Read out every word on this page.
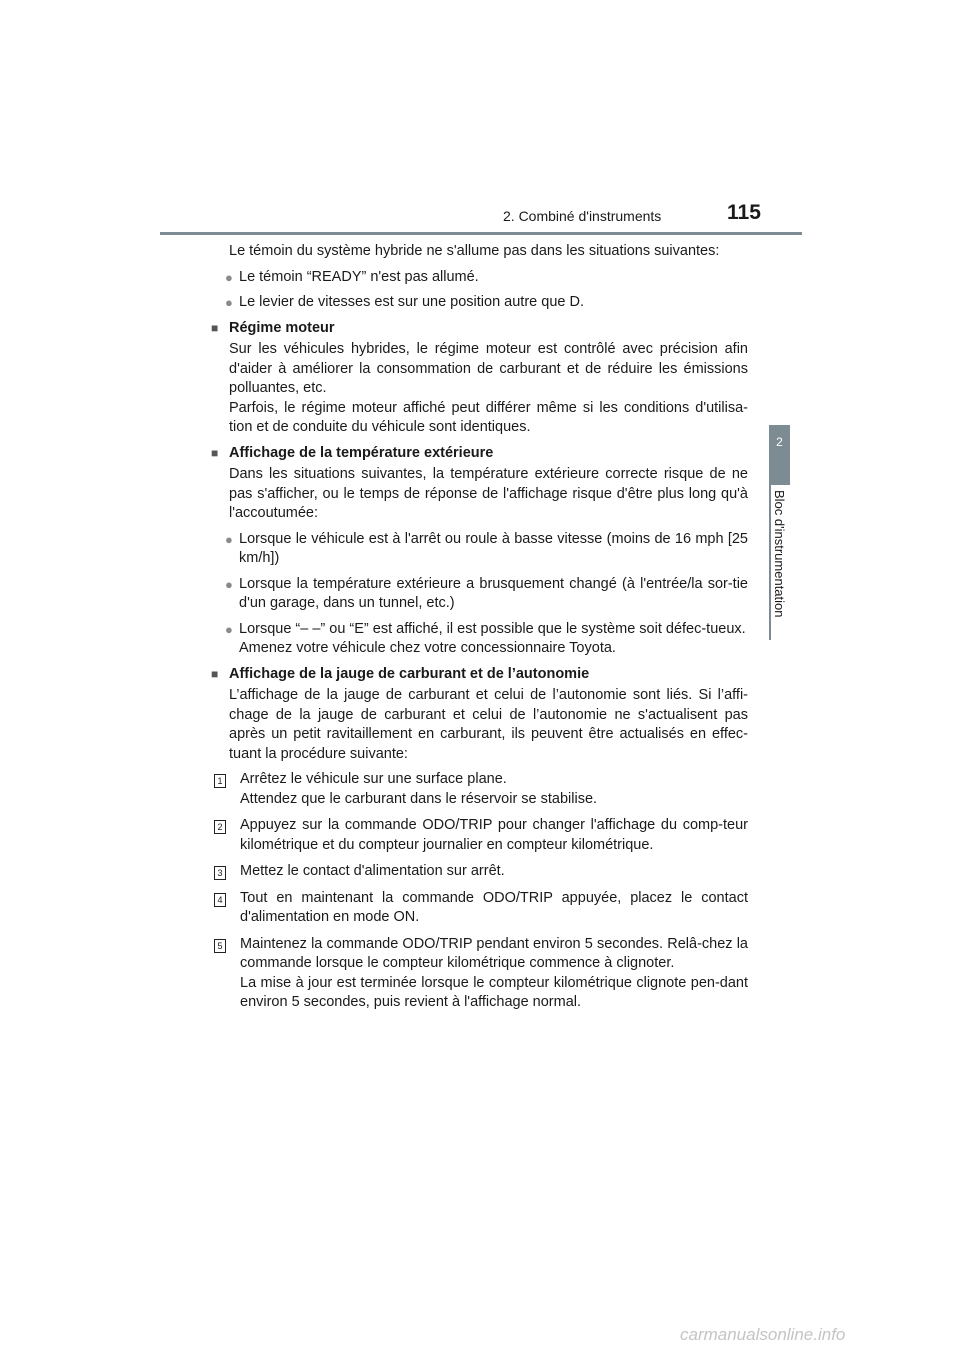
2. Combiné d'instruments	115
2
Bloc d'instrumentation

Le témoin du système hybride ne s'allume pas dans les situations suivantes:

● Le témoin “READY” n'est pas allumé.
● Le levier de vitesses est sur une position autre que D.
■ Régime moteur

Sur les véhicules hybrides, le régime moteur est contrôlé avec précision afin d'aider à améliorer la consommation de carburant et de réduire les émissions polluantes, etc.

Parfois, le régime moteur affiché peut différer même si les conditions d'utilisa-tion et de conduite du véhicule sont identiques.

■ Affichage de la température extérieure

Dans les situations suivantes, la température extérieure correcte risque de ne pas s'afficher, ou le temps de réponse de l'affichage risque d'être plus long qu'à l'accoutumée:

● Lorsque le véhicule est à l'arrêt ou roule à basse vitesse (moins de 16 mph [25 km/h])
● Lorsque la température extérieure a brusquement changé (à l'entrée/la sor-tie d'un garage, dans un tunnel, etc.)
● Lorsque “– –” ou “E” est affiché, il est possible que le système soit défec-tueux.

Amenez votre véhicule chez votre concessionnaire Toyota.

■ Affichage de la jauge de carburant et de l’autonomie

L’affichage de la jauge de carburant et celui de l’autonomie sont liés. Si l’affi-chage de la jauge de carburant et celui de l’autonomie ne s'actualisent pas après un petit ravitaillement en carburant, ils peuvent être actualisés en effec-tuant la procédure suivante:

1 Arrêtez le véhicule sur une surface plane.
Attendez que le carburant dans le réservoir se stabilise.
2 Appuyez sur la commande ODO/TRIP pour changer l'affichage du comp-teur kilométrique et du compteur journalier en compteur kilométrique.
3 Mettez le contact d'alimentation sur arrêt.
4 Tout en maintenant la commande ODO/TRIP appuyée, placez le contact d'alimentation en mode ON.
5 Maintenez la commande ODO/TRIP pendant environ 5 secondes. Relâ-chez la commande lorsque le compteur kilométrique commence à clignoter.
La mise à jour est terminée lorsque le compteur kilométrique clignote pen-dant environ 5 secondes, puis revient à l'affichage normal.
carmanualsonline.info
